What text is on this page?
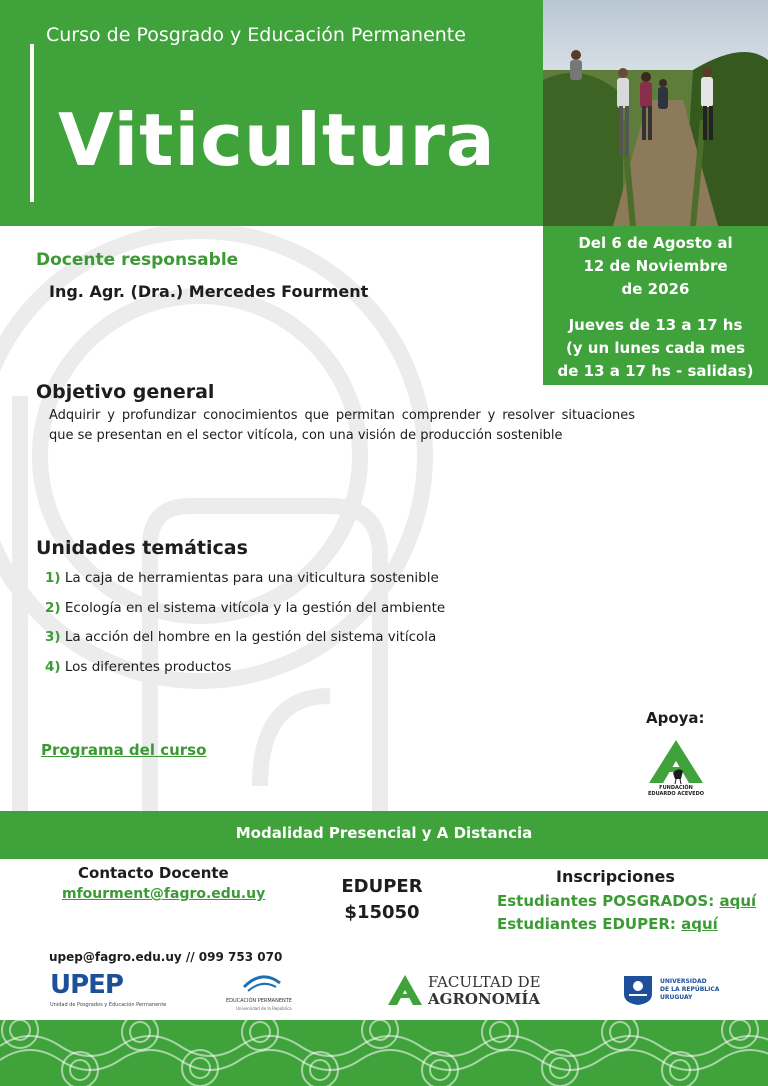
Curso de Posgrado y Educación Permanente
Viticultura
Del 6 de Agosto al
12 de Noviembre
de 2026
Jueves de 13 a 17 hs
(y un lunes cada mes
de 13 a 17 hs - salidas)
Docente responsable
Ing. Agr. (Dra.) Mercedes Fourment
Objetivo general
Adquirir y profundizar conocimientos que permitan comprender y resolver situaciones que se presentan en el sector vitícola, con una visión de producción sostenible
Unidades temáticas
1) La caja de herramientas para una viticultura sostenible
2) Ecología en el sistema vitícola y la gestión del ambiente
3) La acción del hombre en la gestión del sistema vitícola
4) Los diferentes productos
Programa del curso
Apoya:
FUNDACIÓN
EDUARDO ACEVEDO
Modalidad Presencial y A Distancia
Contacto Docente
mfourment@fagro.edu.uy	EDUPER
$15050
Inscripciones
Estudiantes POSGRADOS: aquí
Estudiantes EDUPER: aquí
upep@fagro.edu.uy // 099 753 070
UPEP
Unidad de Posgrados y Educación Permanente
EDUCACIÓN PERMANENTE
Universidad de la República
FACULTAD DE
AGRONOMÍA
UNIVERSIDAD
DE LA REPÚBLICA
URUGUAY
